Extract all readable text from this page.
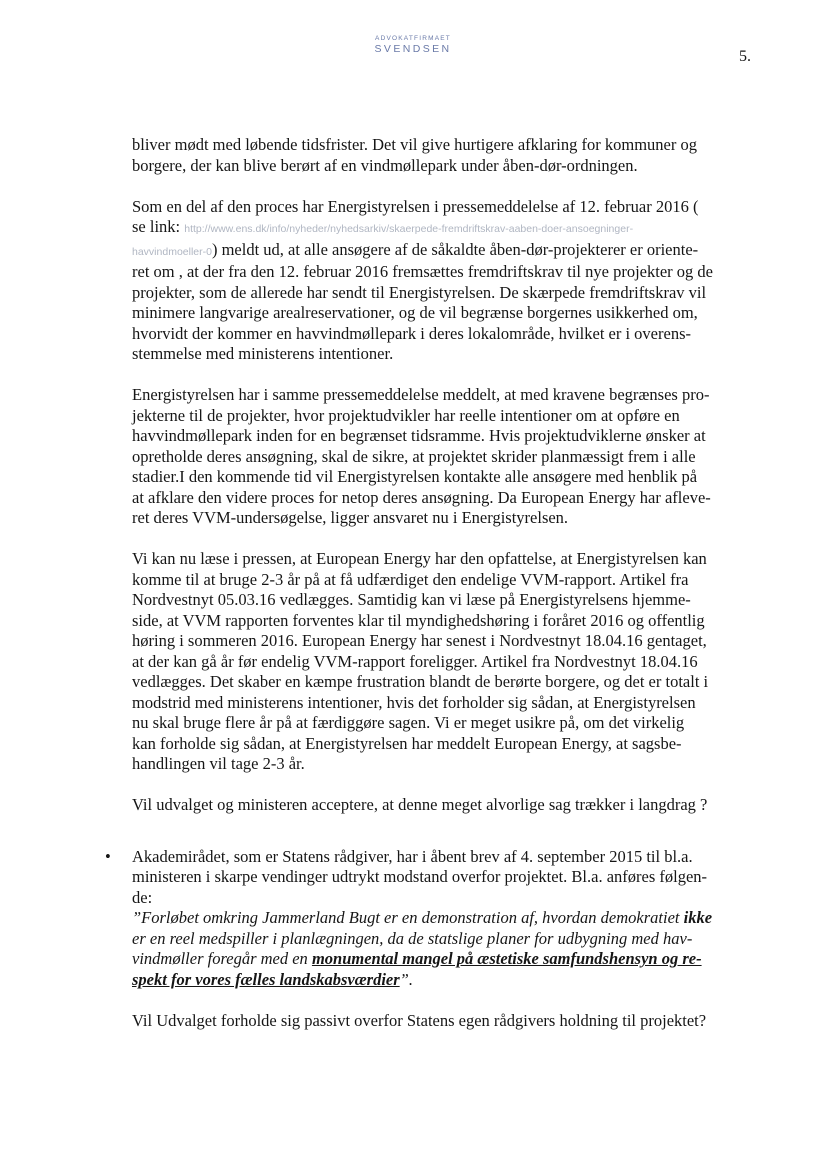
ADVOKATFIRMAET
SVENDSEN	5.

bliver mødt med løbende tidsfrister. Det vil give hurtigere afklaring for kommuner og
borgere, der kan blive berørt af en vindmøllepark under åben-dør-ordningen.

Som en del af den proces har Energistyrelsen i pressemeddelelse af 12. februar 2016 (
se link: http://www.ens.dk/info/nyheder/nyhedsarkiv/skaerpede-fremdriftskrav-aaben-doer-ansoegninger-
havvindmoeller-0) meldt ud, at alle ansøgere af de såkaldte åben-dør-projekterer er oriente-
ret om , at der fra den 12. februar 2016 fremsættes fremdriftskrav til nye projekter og de
projekter, som de allerede har sendt til Energistyrelsen. De skærpede fremdriftskrav vil
minimere langvarige arealreservationer, og de vil begrænse borgernes usikkerhed om,
hvorvidt der kommer en havvindmøllepark i deres lokalområde, hvilket er i overens-
stemmelse med ministerens intentioner.

Energistyrelsen har i samme pressemeddelelse meddelt, at med kravene begrænses pro-
jekterne til de projekter, hvor projektudvikler har reelle intentioner om at opføre en
havvindmøllepark inden for en begrænset tidsramme. Hvis projektudviklerne ønsker at
opretholde deres ansøgning, skal de sikre, at projektet skrider planmæssigt frem i alle
stadier.I den kommende tid vil Energistyrelsen kontakte alle ansøgere med henblik på
at afklare den videre proces for netop deres ansøgning. Da European Energy har afleve-
ret deres VVM-undersøgelse, ligger ansvaret nu i Energistyrelsen.

Vi kan nu læse i pressen, at European Energy har den opfattelse, at Energistyrelsen kan
komme til at bruge 2-3 år på at få udfærdiget den endelige VVM-rapport. Artikel fra
Nordvestnyt 05.03.16 vedlægges. Samtidig kan vi læse på Energistyrelsens hjemme-
side, at VVM rapporten forventes klar til myndighedshøring i foråret 2016 og offentlig
høring i sommeren 2016. European Energy har senest i Nordvestnyt 18.04.16 gentaget,
at der kan gå år før endelig VVM-rapport foreligger. Artikel fra Nordvestnyt 18.04.16
vedlægges. Det skaber en kæmpe frustration blandt de berørte borgere, og det er totalt i
modstrid med ministerens intentioner, hvis det forholder sig sådan, at Energistyrelsen
nu skal bruge flere år på at færdiggøre sagen. Vi er meget usikre på, om det virkelig
kan forholde sig sådan, at Energistyrelsen har meddelt European Energy, at sagsbe-
handlingen vil tage 2-3 år.

Vil udvalget og ministeren acceptere, at denne meget alvorlige sag trækker i langdrag ?

• Akademirådet, som er Statens rådgiver, har i åbent brev af 4. september 2015 til bl.a.
ministeren i skarpe vendinger udtrykt modstand overfor projektet. Bl.a. anføres følgen-
de:
”Forløbet omkring Jammerland Bugt er en demonstration af, hvordan demokratiet ikke
er en reel medspiller i planlægningen, da de statslige planer for udbygning med hav-
vindmøller foregår med en monumental mangel på æstetiske samfundshensyn og re-
spekt for vores fælles landskabsværdier”.

Vil Udvalget forholde sig passivt overfor Statens egen rådgivers holdning til projektet?
